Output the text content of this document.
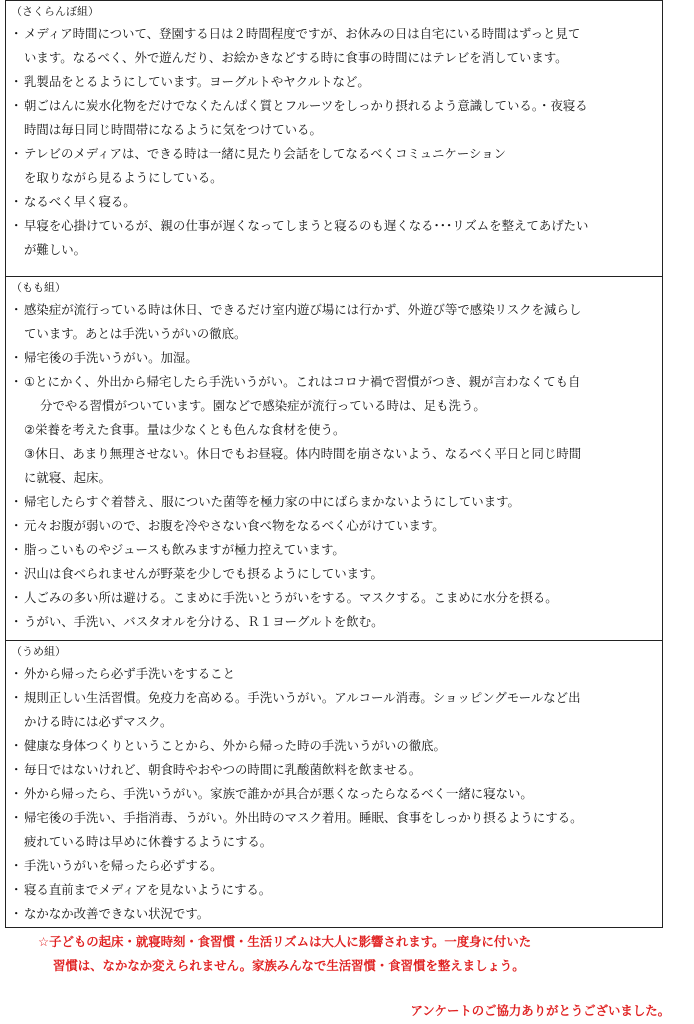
（さくらんぼ組）
・ メディア時間について、登園する日は２時間程度ですが、お休みの日は自宅にいる時間はずっと見て
います。なるべく、外で遊んだり、お絵かきなどする時に食事の時間にはテレビを消しています。
・ 乳製品をとるようにしています。ヨーグルトやヤクルトなど。
・ 朝ごはんに炭水化物をだけでなくたんぱく質とフルーツをしっかり摂れるよう意識している。・夜寝る
時間は毎日同じ時間帯になるように気をつけている。
・ テレビのメディアは、できる時は一緒に見たり会話をしてなるべくコミュニケーション
を取りながら見るようにしている。
・ なるべく早く寝る。
・ 早寝を心掛けているが、親の仕事が遅くなってしまうと寝るのも遅くなる･･･リズムを整えてあげたい
が難しい。
（もも組）
・ 感染症が流行っている時は休日、できるだけ室内遊び場には行かず、外遊び等で感染リスクを減らし
ています。あとは手洗いうがいの徹底。
・ 帰宅後の手洗いうがい。加湿。
・ ①とにかく、外出から帰宅したら手洗いうがい。これはコロナ禍で習慣がつき、親が言わなくても自
分でやる習慣がついています。園などで感染症が流行っている時は、足も洗う。
②栄養を考えた食事。量は少なくとも色んな食材を使う。
③休日、あまり無理させない。休日でもお昼寝。体内時間を崩さないよう、なるべく平日と同じ時間
に就寝、起床。
・ 帰宅したらすぐ着替え、服についた菌等を極力家の中にばらまかないようにしています。
・ 元々お腹が弱いので、お腹を冷やさない食べ物をなるべく心がけています。
・ 脂っこいものやジュースも飲みますが極力控えています。
・ 沢山は食べられませんが野菜を少しでも摂るようにしています。
・ 人ごみの多い所は避ける。こまめに手洗いとうがいをする。マスクする。こまめに水分を摂る。
・ うがい、手洗い、バスタオルを分ける、Ｒ１ヨーグルトを飲む。
（うめ組）
・ 外から帰ったら必ず手洗いをすること
・ 規則正しい生活習慣。免疫力を高める。手洗いうがい。アルコール消毒。ショッピングモールなど出
かける時には必ずマスク。
・ 健康な身体つくりということから、外から帰った時の手洗いうがいの徹底。
・ 毎日ではないけれど、朝食時やおやつの時間に乳酸菌飲料を飲ませる。
・ 外から帰ったら、手洗いうがい。家族で誰かが具合が悪くなったらなるべく一緒に寝ない。
・ 帰宅後の手洗い、手指消毒、うがい。外出時のマスク着用。睡眠、食事をしっかり摂るようにする。
疲れている時は早めに休養するようにする。
・ 手洗いうがいを帰ったら必ずする。
・ 寝る直前までメディアを見ないようにする。
・ なかなか改善できない状況です。
☆子どもの起床・就寝時刻・食習慣・生活リズムは大人に影響されます。一度身に付いた
習慣は、なかなか変えられません。家族みんなで生活習慣・食習慣を整えましょう。
アンケートのご協力ありがとうございました。
